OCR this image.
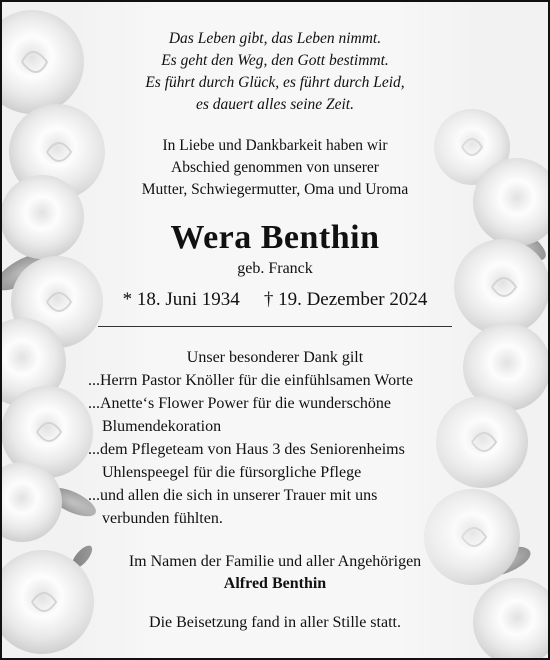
Das Leben gibt, das Leben nimmt.
Es geht den Weg, den Gott bestimmt.
Es führt durch Glück, es führt durch Leid,
es dauert alles seine Zeit.
In Liebe und Dankbarkeit haben wir
Abschied genommen von unserer
Mutter, Schwiegermutter, Oma und Uroma
Wera Benthin
geb. Franck
* 18. Juni 1934 † 19. Dezember 2024
Unser besonderer Dank gilt
...Herrn Pastor Knöller für die einfühlsamen Worte
...Anette‘s Flower Power für die wunderschöne
Blumendekoration
...dem Pflegeteam von Haus 3 des Seniorenheims
Uhlenspeegel für die fürsorgliche Pflege
...und allen die sich in unserer Trauer mit uns
verbunden fühlten.
Im Namen der Familie und aller Angehörigen
Alfred Benthin
Die Beisetzung fand in aller Stille statt.
